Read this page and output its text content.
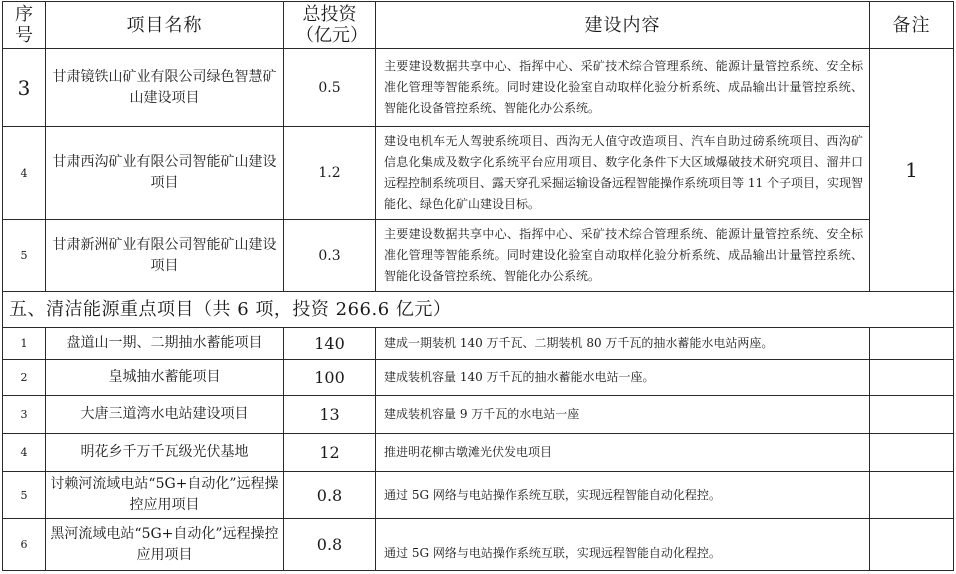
序号	项目名称	总投资（亿元）	建设内容	备注
3	甘肃镜铁山矿业有限公司绿色智慧矿山建设项目	0.5	主要建设数据共享中心、指挥中心、采矿技术综合管理系统、能源计量管控系统、安全标准化管理等智能系统。同时建设化验室自动取样化验分析系统、成品输出计量管控系统、智能化设备管控系统、智能化办公系统。	1
4	甘肃西沟矿业有限公司智能矿山建设项目	1.2	建设电机车无人驾驶系统项目、西沟无人值守改造项目、汽车自助过磅系统项目、西沟矿信息化集成及数字化系统平台应用项目、数字化条件下大区域爆破技术研究项目、溜井口远程控制系统项目、露天穿孔采掘运输设备远程智能操作系统项目等 11 个子项目，实现智能化、绿色化矿山建设目标。	
5	甘肃新洲矿业有限公司智能矿山建设项目	0.3	主要建设数据共享中心、指挥中心、采矿技术综合管理系统、能源计量管控系统、安全标准化管理等智能系统。同时建设化验室自动取样化验分析系统、成品输出计量管控系统、智能化设备管控系统、智能化办公系统。	
五、清洁能源重点项目（共 6 项，投资 266.6 亿元）				
1	盘道山一期、二期抽水蓄能项目	140	建成一期装机 140 万千瓦、二期装机 80 万千瓦的抽水蓄能水电站两座。	
2	皇城抽水蓄能项目	100	建成装机容量 140 万千瓦的抽水蓄能水电站一座。	
3	大唐三道湾水电站建设项目	13	建成装机容量 9 万千瓦的水电站一座	
4	明花乡千万千瓦级光伏基地	12	推进明花柳古墩滩光伏发电项目	
5	讨赖河流域电站“5G+自动化”远程操控应用项目	0.8	通过 5G 网络与电站操作系统互联，实现远程智能自动化程控。	
6	黑河流域电站“5G+自动化”远程操控应用项目	0.8	通过 5G 网络与电站操作系统互联，实现远程智能自动化程控。	
